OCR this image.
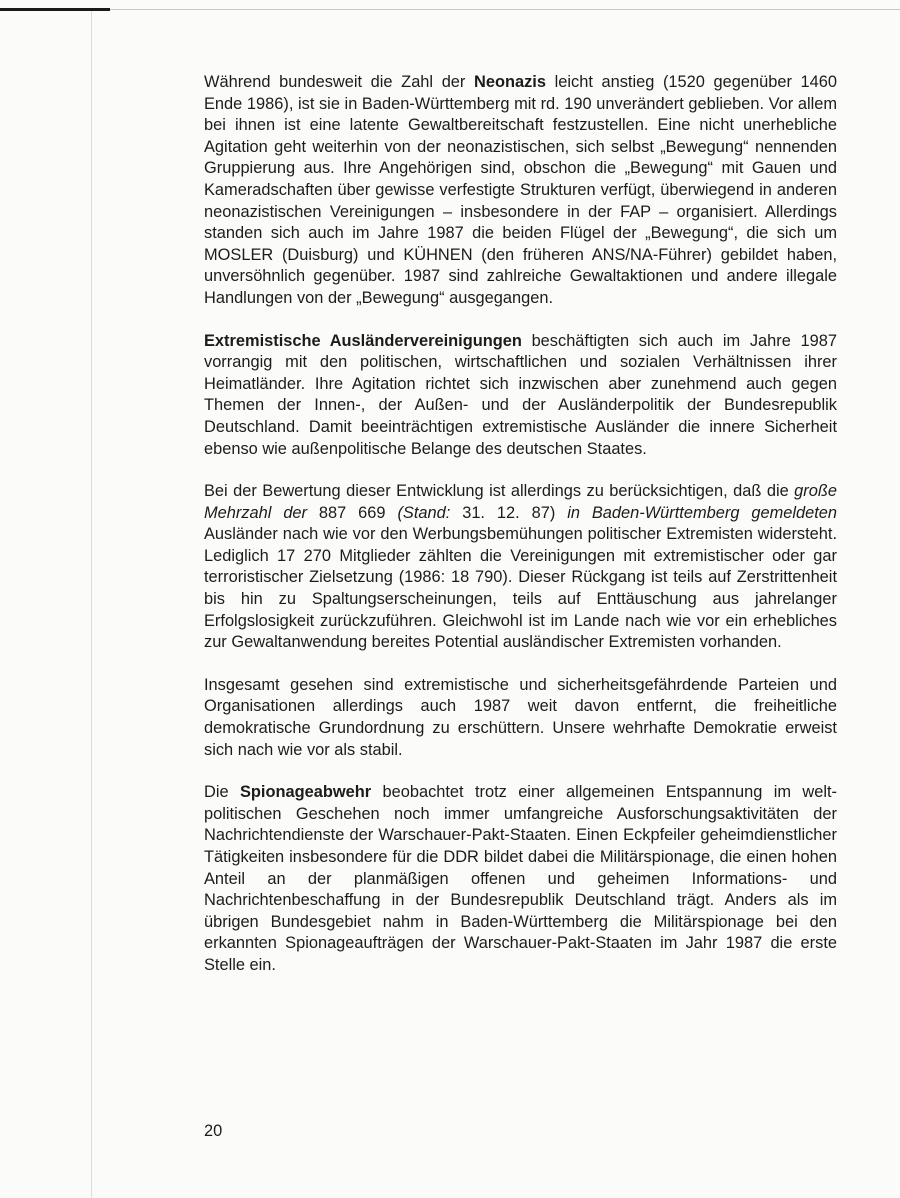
Während bundesweit die Zahl der Neonazis leicht anstieg (1520 gegenüber 1460 Ende 1986), ist sie in Baden-Württemberg mit rd. 190 unverändert geblieben. Vor allem bei ihnen ist eine latente Gewaltbereitschaft festzustellen. Eine nicht unerhebliche Agitation geht weiterhin von der neonazistischen, sich selbst „Bewegung“ nennenden Gruppierung aus. Ihre Angehörigen sind, obschon die „Bewegung“ mit Gauen und Kameradschaften über gewisse verfestigte Strukturen verfügt, überwiegend in anderen neonazistischen Vereinigungen – insbesondere in der FAP – organisiert. Allerdings standen sich auch im Jahre 1987 die beiden Flügel der „Bewegung“, die sich um MOSLER (Duisburg) und KÜHNEN (den früheren ANS/NA-Führer) gebildet haben, unversöhnlich gegenüber. 1987 sind zahlreiche Gewaltaktionen und andere illegale Handlungen von der „Bewegung“ ausgegangen.

Extremistische Ausländervereinigungen beschäftigten sich auch im Jahre 1987 vorrangig mit den politischen, wirtschaftlichen und sozialen Verhältnissen ihrer Heimatländer. Ihre Agitation richtet sich inzwischen aber zunehmend auch gegen Themen der Innen-, der Außen- und der Ausländerpolitik der Bundesrepublik Deutschland. Damit beeinträchtigen extremistische Ausländer die innere Sicherheit ebenso wie außenpolitische Belange des deutschen Staates.

Bei der Bewertung dieser Entwicklung ist allerdings zu berücksichtigen, daß die große Mehrzahl der 887 669 (Stand: 31. 12. 87) in Baden-Württemberg gemeldeten Ausländer nach wie vor den Werbungsbemühungen politischer Extremisten widersteht. Lediglich 17 270 Mitglieder zählten die Vereinigungen mit extremistischer oder gar terroristischer Zielsetzung (1986: 18 790). Dieser Rückgang ist teils auf Zerstrittenheit bis hin zu Spaltungserscheinungen, teils auf Enttäuschung aus jahrelanger Erfolgslosigkeit zurückzuführen. Gleichwohl ist im Lande nach wie vor ein erhebliches zur Gewaltanwendung bereites Potential ausländischer Extremisten vorhanden.

Insgesamt gesehen sind extremistische und sicherheitsgefährdende Parteien und Organisationen allerdings auch 1987 weit davon entfernt, die freiheitliche demokratische Grundordnung zu erschüttern. Unsere wehrhafte Demokratie erweist sich nach wie vor als stabil.

Die Spionageabwehr beobachtet trotz einer allgemeinen Entspannung im weltpolitischen Geschehen noch immer umfangreiche Ausforschungsaktivitäten der Nachrichtendienste der Warschauer-Pakt-Staaten. Einen Eckpfeiler geheimdienstlicher Tätigkeiten insbesondere für die DDR bildet dabei die Militärspionage, die einen hohen Anteil an der planmäßigen offenen und geheimen Informations- und Nachrichtenbeschaffung in der Bundesrepublik Deutschland trägt. Anders als im übrigen Bundesgebiet nahm in Baden-Württemberg die Militärspionage bei den erkannten Spionageaufträgen der Warschauer-Pakt-Staaten im Jahr 1987 die erste Stelle ein.

20
